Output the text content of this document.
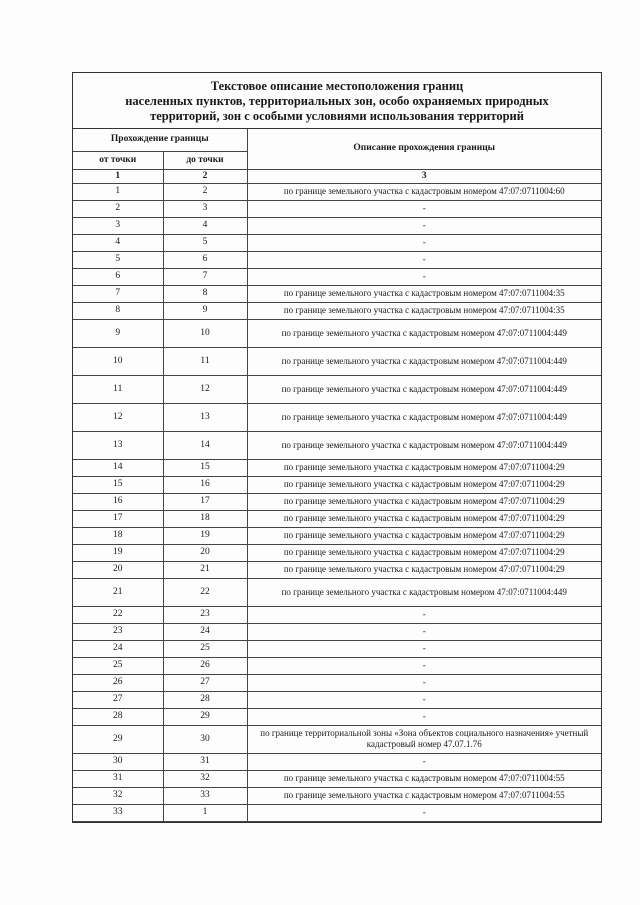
Текстовое описание местоположения границ
населенных пунктов, территориальных зон, особо охраняемых природных
территорий, зон с особыми условиями использования территорий
Прохождение границы		Описание прохождения границы
от точки	до точки	
1	2	3
1	2	по границе земельного участка с кадастровым номером 47:07:0711004:60
2	3	-
3	4	-
4	5	-
5	6	-
6	7	-
7	8	по границе земельного участка с кадастровым номером 47:07:0711004:35
8	9	по границе земельного участка с кадастровым номером 47:07:0711004:35
9	10	по границе земельного участка с кадастровым номером 47:07:0711004:449
10	11	по границе земельного участка с кадастровым номером 47:07:0711004:449
11	12	по границе земельного участка с кадастровым номером 47:07:0711004:449
12	13	по границе земельного участка с кадастровым номером 47:07:0711004:449
13	14	по границе земельного участка с кадастровым номером 47:07:0711004:449
14	15	по границе земельного участка с кадастровым номером 47:07:0711004:29
15	16	по границе земельного участка с кадастровым номером 47:07:0711004:29
16	17	по границе земельного участка с кадастровым номером 47:07:0711004:29
17	18	по границе земельного участка с кадастровым номером 47:07:0711004:29
18	19	по границе земельного участка с кадастровым номером 47:07:0711004:29
19	20	по границе земельного участка с кадастровым номером 47:07:0711004:29
20	21	по границе земельного участка с кадастровым номером 47:07:0711004:29
21	22	по границе земельного участка с кадастровым номером 47:07:0711004:449
22	23	-
23	24	-
24	25	-
25	26	-
26	27	-
27	28	-
28	29	-
29	30	по границе территориальной зоны «Зона объектов социального назначения» учетный кадастровый номер 47.07.1.76
30	31	-
31	32	по границе земельного участка с кадастровым номером 47:07:0711004:55
32	33	по границе земельного участка с кадастровым номером 47:07:0711004:55
33	1	-
